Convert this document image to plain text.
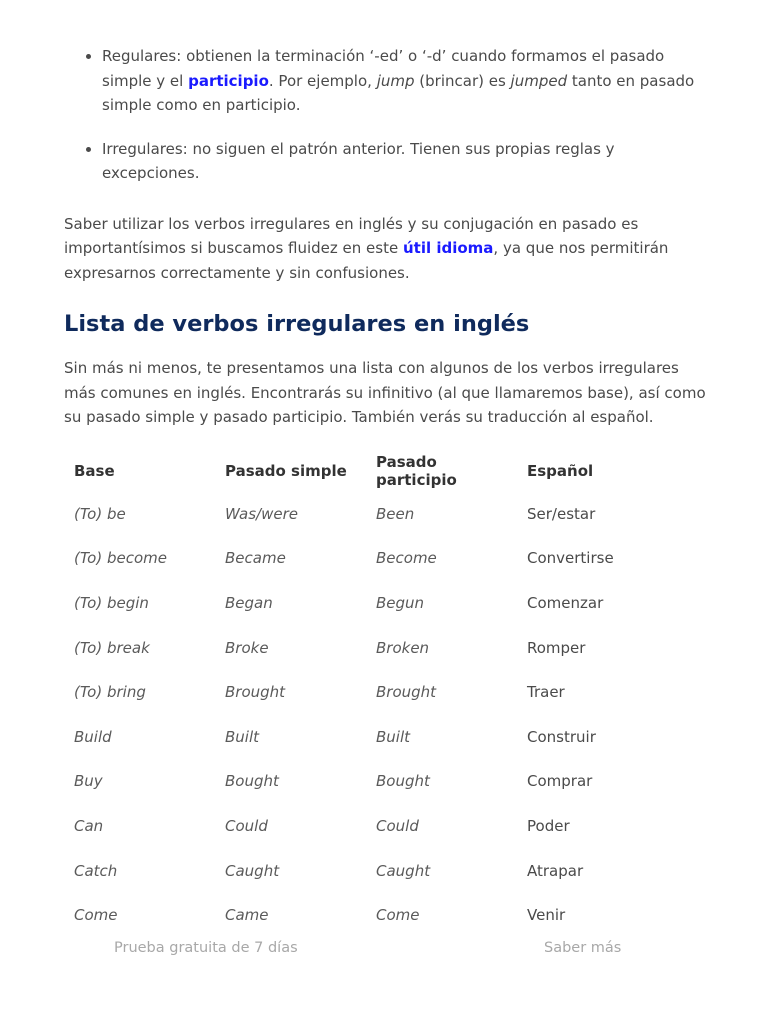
• Regulares: obtienen la terminación ‘-ed’ o ‘-d’ cuando formamos el pasado simple y el participio. Por ejemplo, jump (brincar) es jumped tanto en pasado simple como en participio.
• Irregulares: no siguen el patrón anterior. Tienen sus propias reglas y excepciones.

Saber utilizar los verbos irregulares en inglés y su conjugación en pasado es importantísimos si buscamos fluidez en este útil idioma, ya que nos permitirán expresarnos correctamente y sin confusiones.

Lista de verbos irregulares en inglés

Sin más ni menos, te presentamos una lista con algunos de los verbos irregulares más comunes en inglés. Encontrarás su infinitivo (al que llamaremos base), así como su pasado simple y pasado participio. También verás su traducción al español.

Base	Pasado simple	Pasado participio	Español
(To) be	Was/were	Been	Ser/estar
(To) become	Became	Become	Convertirse
(To) begin	Began	Begun	Comenzar
(To) break	Broke	Broken	Romper
(To) bring	Brought	Brought	Traer
Build	Built	Built	Construir
Buy	Bought	Bought	Comprar
Can	Could	Could	Poder
Catch	Caught	Caught	Atrapar
Come	Came	Come	Venir
Prueba gratuita de 7 días	Saber más
